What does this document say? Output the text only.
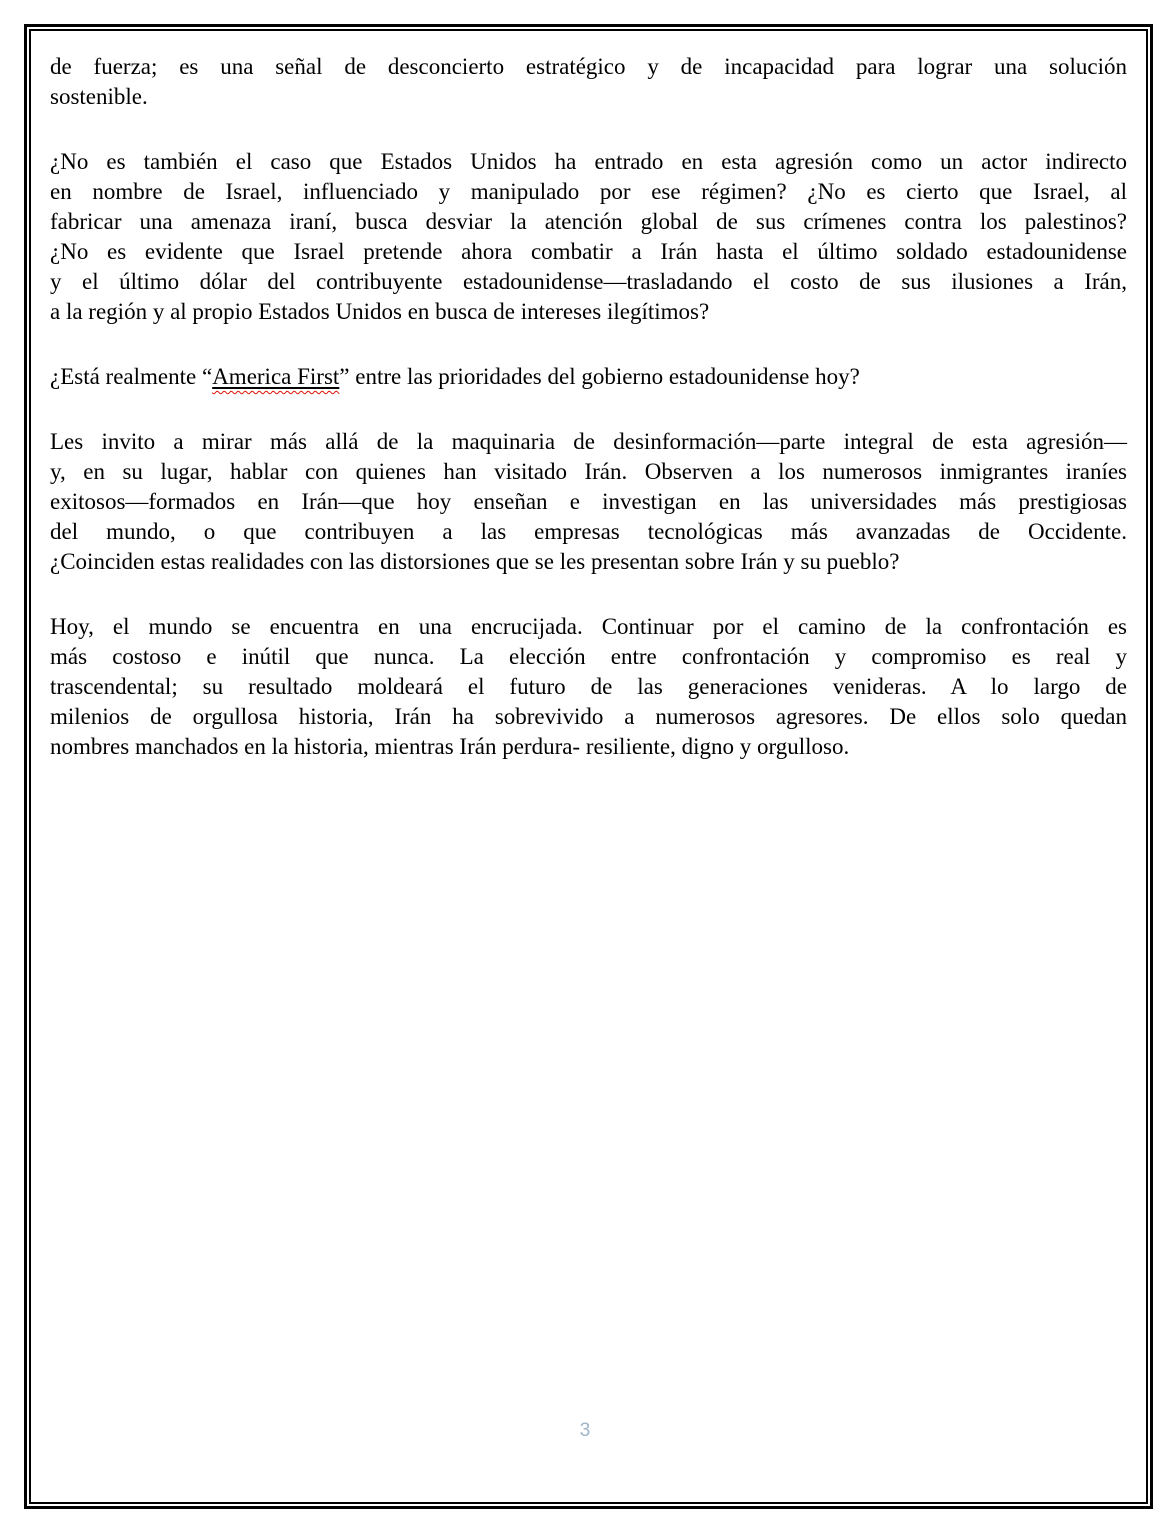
de fuerza; es una señal de desconcierto estratégico y de incapacidad para lograr una solución
sostenible.
¿No es también el caso que Estados Unidos ha entrado en esta agresión como un actor indirecto
en nombre de Israel, influenciado y manipulado por ese régimen? ¿No es cierto que Israel, al
fabricar una amenaza iraní, busca desviar la atención global de sus crímenes contra los palestinos?
¿No es evidente que Israel pretende ahora combatir a Irán hasta el último soldado estadounidense
y el último dólar del contribuyente estadounidense—trasladando el costo de sus ilusiones a Irán,
a la región y al propio Estados Unidos en busca de intereses ilegítimos?
¿Está realmente “America First” entre las prioridades del gobierno estadounidense hoy?
Les invito a mirar más allá de la maquinaria de desinformación—parte integral de esta agresión—
y, en su lugar, hablar con quienes han visitado Irán. Observen a los numerosos inmigrantes iraníes
exitosos—formados en Irán—que hoy enseñan e investigan en las universidades más prestigiosas
del mundo, o que contribuyen a las empresas tecnológicas más avanzadas de Occidente.
¿Coinciden estas realidades con las distorsiones que se les presentan sobre Irán y su pueblo?
Hoy, el mundo se encuentra en una encrucijada. Continuar por el camino de la confrontación es
más costoso e inútil que nunca. La elección entre confrontación y compromiso es real y
trascendental; su resultado moldeará el futuro de las generaciones venideras. A lo largo de
milenios de orgullosa historia, Irán ha sobrevivido a numerosos agresores. De ellos solo quedan
nombres manchados en la historia, mientras Irán perdura- resiliente, digno y orgulloso.
3
